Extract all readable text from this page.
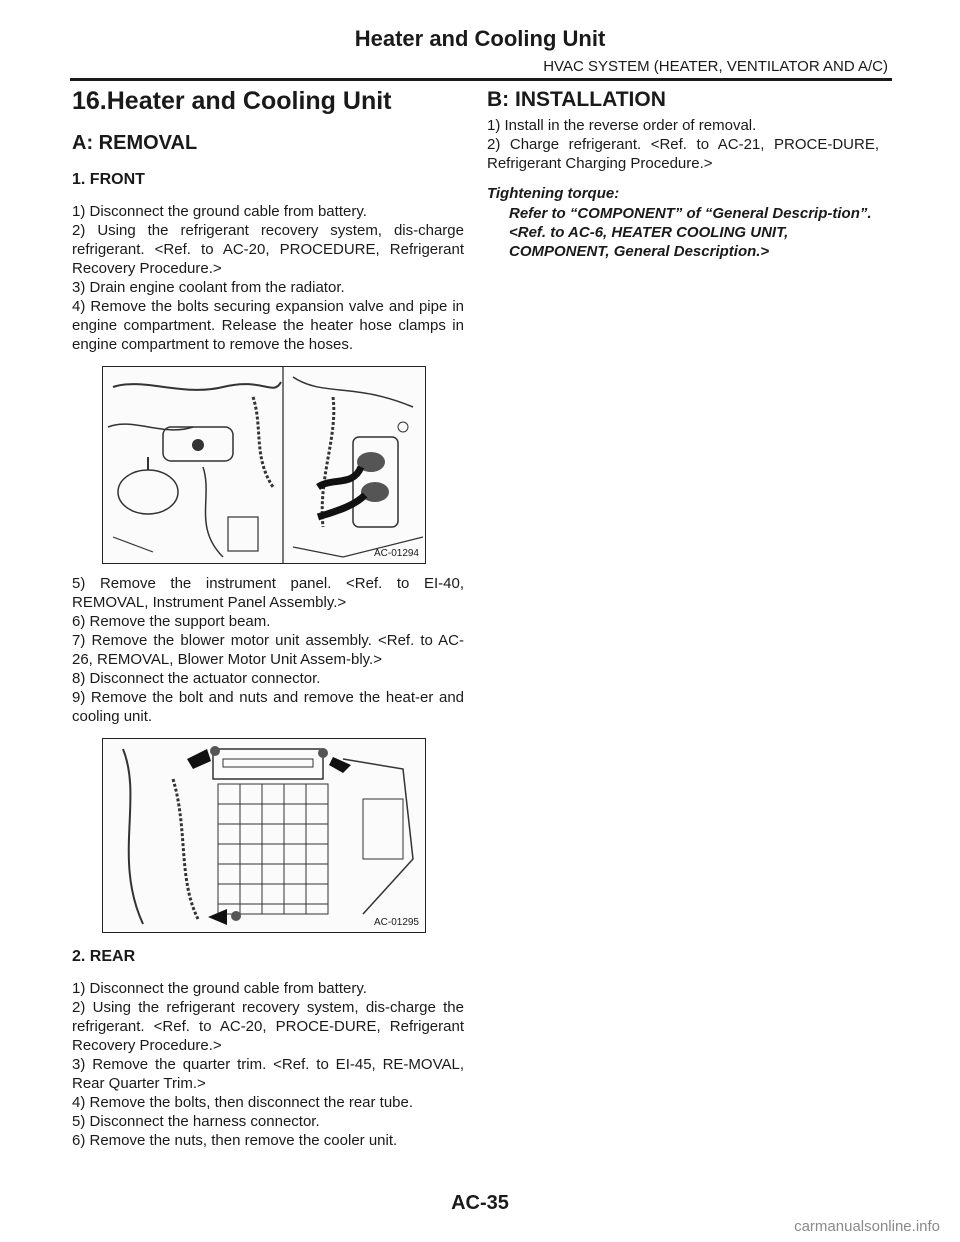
Heater and Cooling Unit
HVAC SYSTEM (HEATER, VENTILATOR AND A/C)
16.Heater and Cooling Unit
A: REMOVAL
1. FRONT

1) Disconnect the ground cable from battery.

2) Using the refrigerant recovery system, dis-charge refrigerant. <Ref. to AC-20, PROCEDURE, Refrigerant Recovery Procedure.>

3) Drain engine coolant from the radiator.

4) Remove the bolts securing expansion valve and pipe in engine compartment. Release the heater hose clamps in engine compartment to remove the hoses.

AC-01294

5) Remove the instrument panel. <Ref. to EI-40, REMOVAL, Instrument Panel Assembly.>

6) Remove the support beam.

7) Remove the blower motor unit assembly. <Ref. to AC-26, REMOVAL, Blower Motor Unit Assem-bly.>

8) Disconnect the actuator connector.

9) Remove the bolt and nuts and remove the heat-er and cooling unit.

AC-01295
2. REAR

1) Disconnect the ground cable from battery.

2) Using the refrigerant recovery system, dis-charge the refrigerant. <Ref. to AC-20, PROCE-DURE, Refrigerant Recovery Procedure.>

3) Remove the quarter trim. <Ref. to EI-45, RE-MOVAL, Rear Quarter Trim.>

4) Remove the bolts, then disconnect the rear tube.

5) Disconnect the harness connector.

6) Remove the nuts, then remove the cooler unit.

B: INSTALLATION

1) Install in the reverse order of removal.

2) Charge refrigerant. <Ref. to AC-21, PROCE-DURE, Refrigerant Charging Procedure.>

Tightening torque:
Refer to “COMPONENT” of “General Descrip-tion”. <Ref. to AC-6, HEATER COOLING UNIT, COMPONENT, General Description.>
AC-35
carmanualsonline.info
